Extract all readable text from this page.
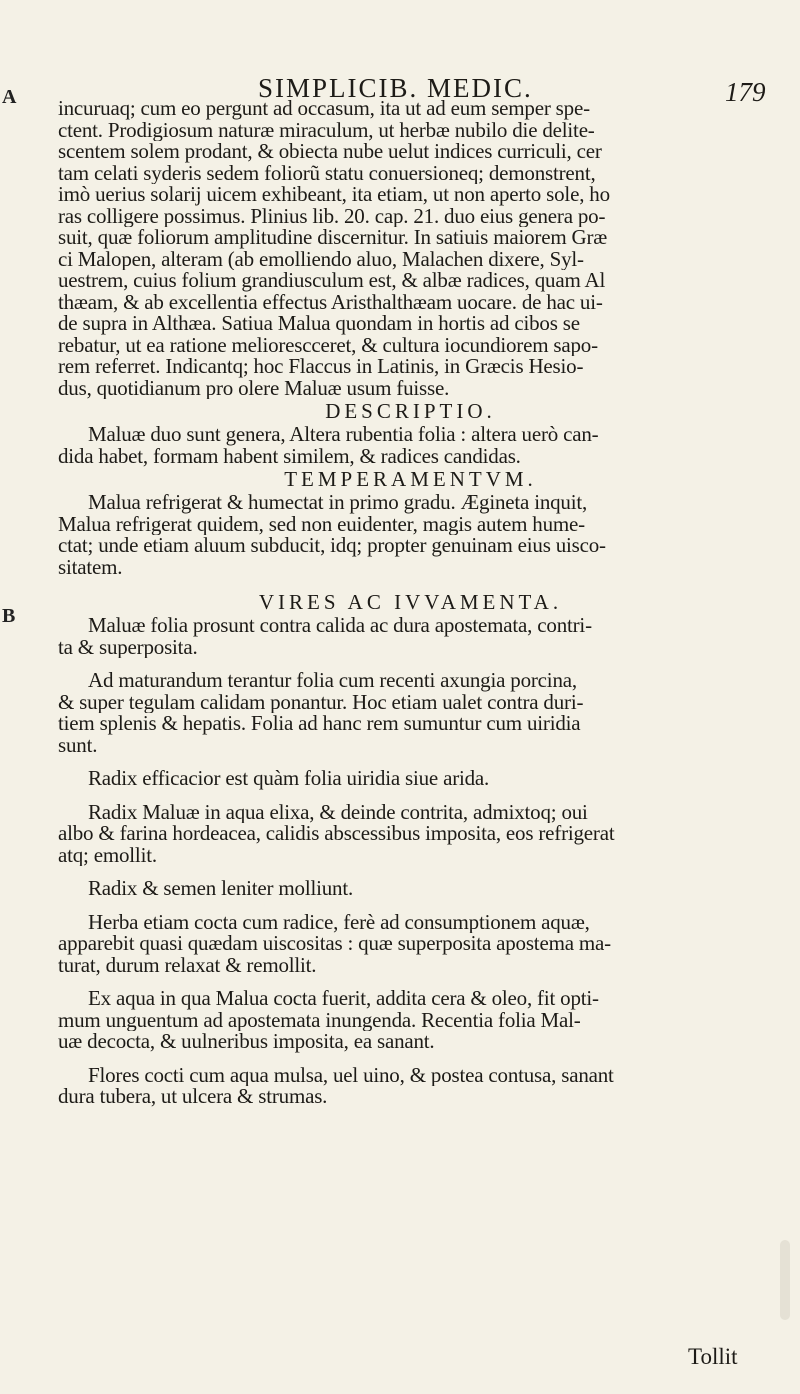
A
B
SIMPLICIB. MEDIC.	179
incuruaq; cum eo pergunt ad occasum, ita ut ad eum semper spe-
ctent. Prodigiosum naturæ miraculum, ut herbæ nubilo die delite-
scentem solem prodant, & obiecta nube uelut indices curriculi, cer
tam celati syderis sedem foliorũ statu conuersioneq; demonstrent,
imò uerius solarij uicem exhibeant, ita etiam, ut non aperto sole, ho
ras colligere possimus. Plinius lib. 20. cap. 21. duo eius genera po-
suit, quæ foliorum amplitudine discernitur. In satiuis maiorem Græ
ci Malopen, alteram (ab emolliendo aluo, Malachen dixere, Syl-
uestrem, cuius folium grandiusculum est, & albæ radices, quam Al
thæam, & ab excellentia effectus Aristhalthæam uocare. de hac ui-
de supra in Althæa. Satiua Malua quondam in hortis ad cibos se
rebatur, ut ea ratione meliorescceret, & cultura iocundiorem sapo-
rem referret. Indicantq; hoc Flaccus in Latinis, in Græcis Hesio-
dus, quotidianum pro olere Maluæ usum fuisse.
DESCRIPTIO.
Maluæ duo sunt genera, Altera rubentia folia : altera uerò can-
dida habet, formam habent similem, & radices candidas.
TEMPERAMENTVM.
Malua refrigerat & humectat in primo gradu. Ægineta inquit,
Malua refrigerat quidem, sed non euidenter, magis autem hume-
ctat; unde etiam aluum subducit, idq; propter genuinam eius uisco-
sitatem.
VIRES AC IVVAMENTA.
Maluæ folia prosunt contra calida ac dura apostemata, contri-
ta & superposita.
Ad maturandum terantur folia cum recenti axungia porcina,
& super tegulam calidam ponantur. Hoc etiam ualet contra duri-
tiem splenis & hepatis. Folia ad hanc rem sumuntur cum uiridia
sunt.
Radix efficacior est quàm folia uiridia siue arida.
Radix Maluæ in aqua elixa, & deinde contrita, admixtoq; oui
albo & farina hordeacea, calidis abscessibus imposita, eos refrigerat
atq; emollit.
Radix & semen leniter molliunt.
Herba etiam cocta cum radice, ferè ad consumptionem aquæ,
apparebit quasi quædam uiscositas : quæ superposita apostema ma-
turat, durum relaxat & remollit.
Ex aqua in qua Malua cocta fuerit, addita cera & oleo, fit opti-
mum unguentum ad apostemata inungenda. Recentia folia Mal-
uæ decocta, & uulneribus imposita, ea sanant.
Flores cocti cum aqua mulsa, uel uino, & postea contusa, sanant
dura tubera, ut ulcera & strumas.
Tollit
